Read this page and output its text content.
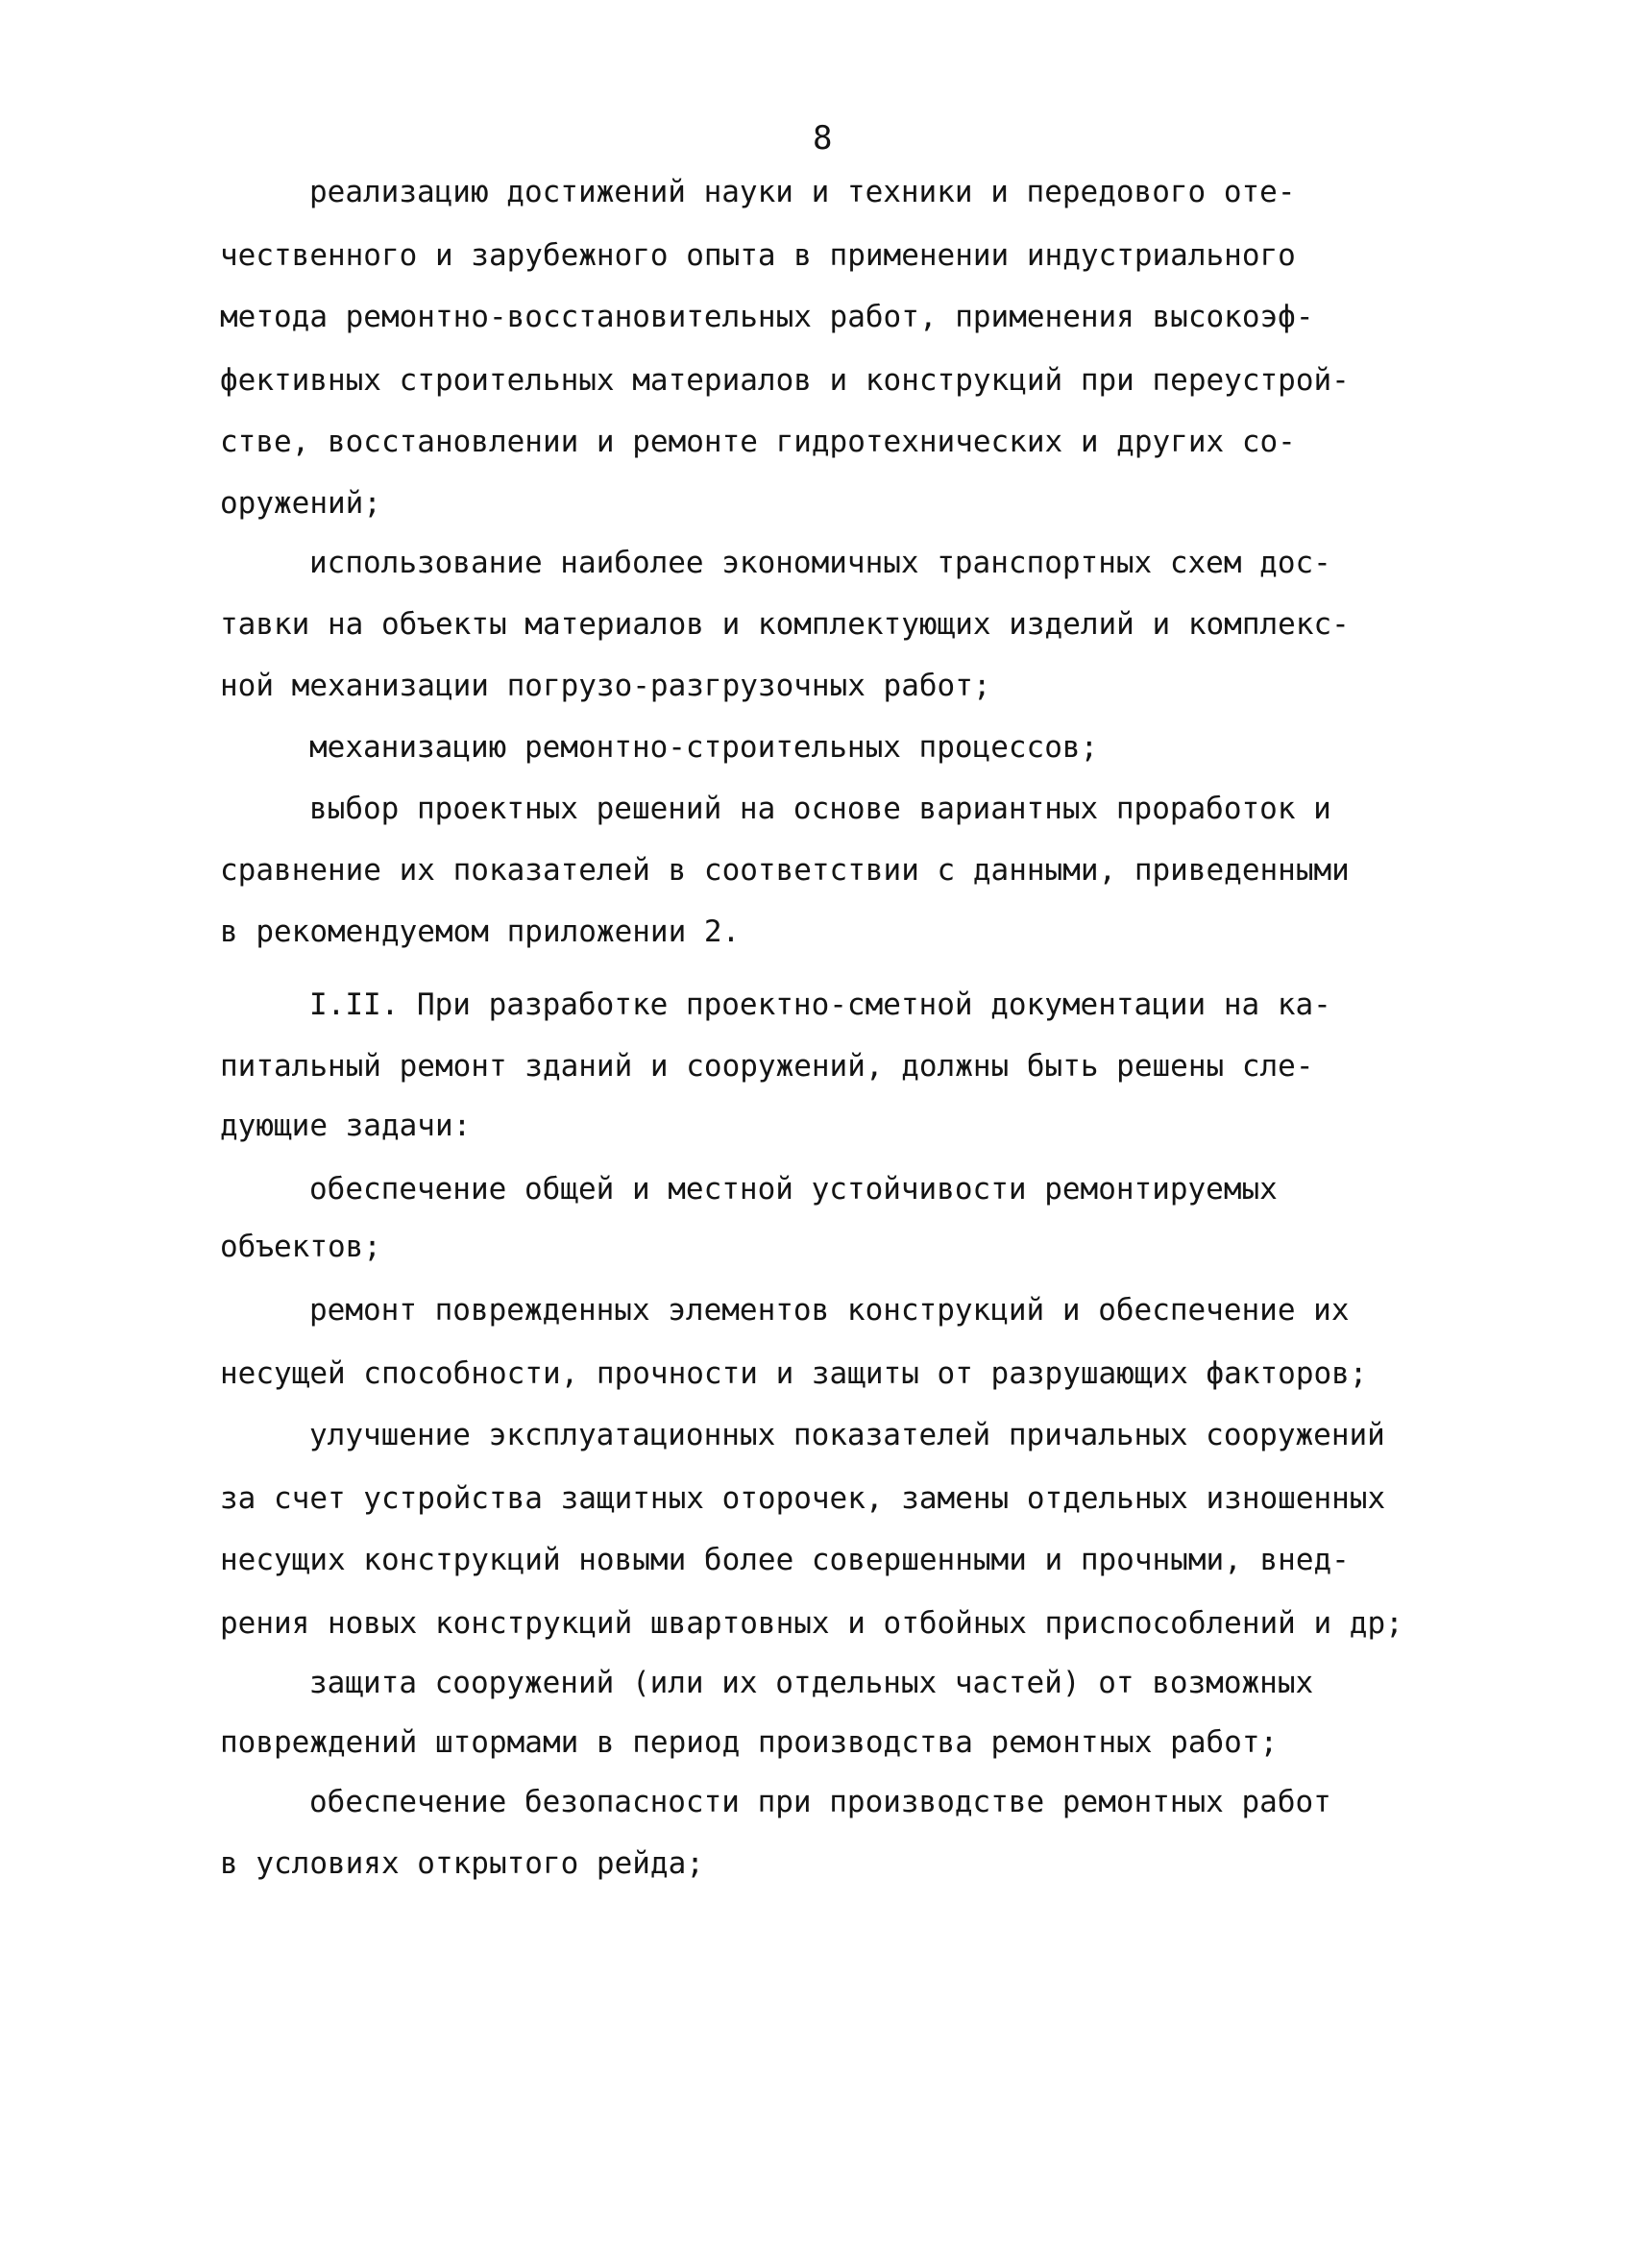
8

реализацию достижений науки и техники и передового оте-

чественного и зарубежного опыта в применении индустриального

метода ремонтно-восстановительных работ, применения высокоэф-

фективных строительных материалов и конструкций при переустрой-

стве, восстановлении и ремонте гидротехнических и других со-

оружений;

использование наиболее экономичных транспортных схем дос-

тавки на объекты материалов и комплектующих изделий и комплекс-

ной механизации погрузо-разгрузочных работ;

механизацию ремонтно-строительных процессов;

выбор проектных решений на основе вариантных проработок и

сравнение их показателей в соответствии с данными, приведенными

в рекомендуемом приложении 2.

I.II. При разработке проектно-сметной документации на ка-

питальный ремонт зданий и сооружений, должны быть решены сле-

дующие задачи:

обеспечение общей и местной устойчивости ремонтируемых

объектов;

ремонт поврежденных элементов конструкций и обеспечение их

несущей способности, прочности и защиты от разрушающих факторов;

улучшение эксплуатационных показателей причальных сооружений

за счет устройства защитных оторочек, замены отдельных изношенных

несущих конструкций новыми более совершенными и прочными, внед-

рения новых конструкций швартовных и отбойных приспособлений и др;

защита сооружений (или их отдельных частей) от возможных

повреждений штормами в период производства ремонтных работ;

обеспечение безопасности при производстве ремонтных работ

в условиях открытого рейда;
